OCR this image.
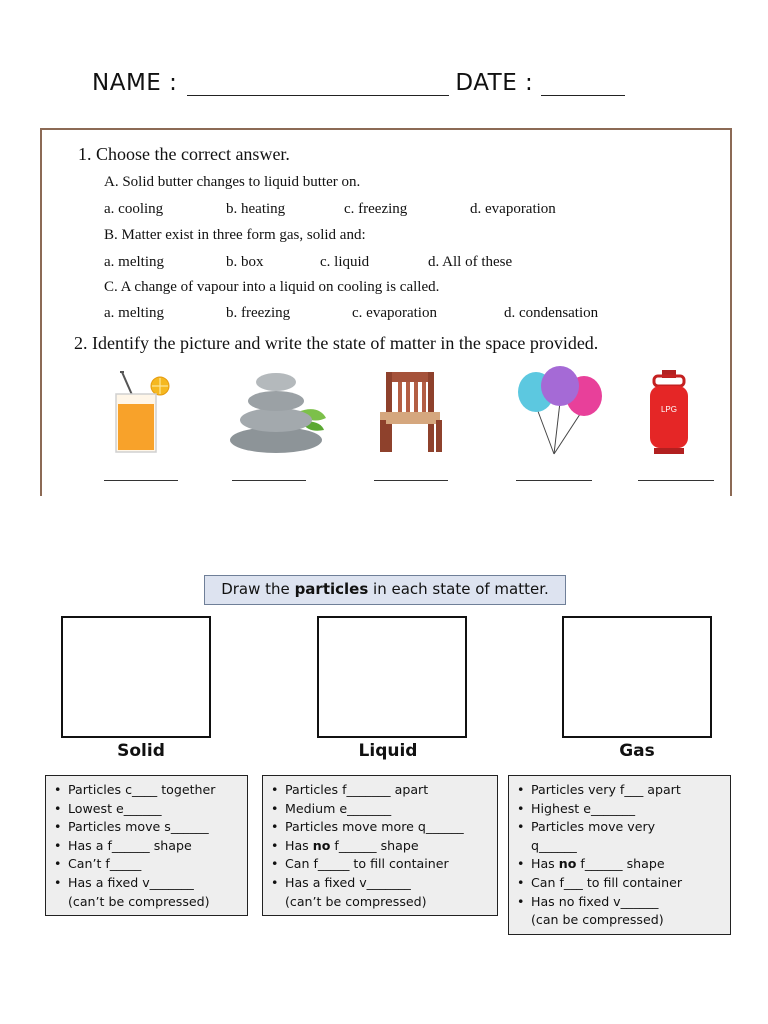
NAME :	DATE :
1. Choose the correct answer.
A. Solid butter changes to liquid butter on.
a. cooling	b. heating	c. freezing	d. evaporation
B. Matter exist in three form gas, solid and:
a. melting	b. box	c. liquid	d. All of these
C. A change of vapour into a liquid on cooling is called.
a. melting	b. freezing	c. evaporation	d. condensation
2. Identify the picture and write the state of matter in the space provided.
LPG
Draw the particles in each state of matter.
Solid	Liquid	Gas
• Particles c____ together
• Lowest e______
• Particles move s______
• Has a f______ shape
• Can’t f_____
• Has a fixed v_______
(can’t be compressed)
• Particles f_______ apart
• Medium e_______
• Particles move more q______
• Has no f______ shape
• Can f_____ to fill container
• Has a fixed v_______
(can’t be compressed)
• Particles very f___ apart
• Highest e_______
• Particles move very
q______
• Has no f______ shape
• Can f___ to fill container
• Has no fixed v______
(can be compressed)
